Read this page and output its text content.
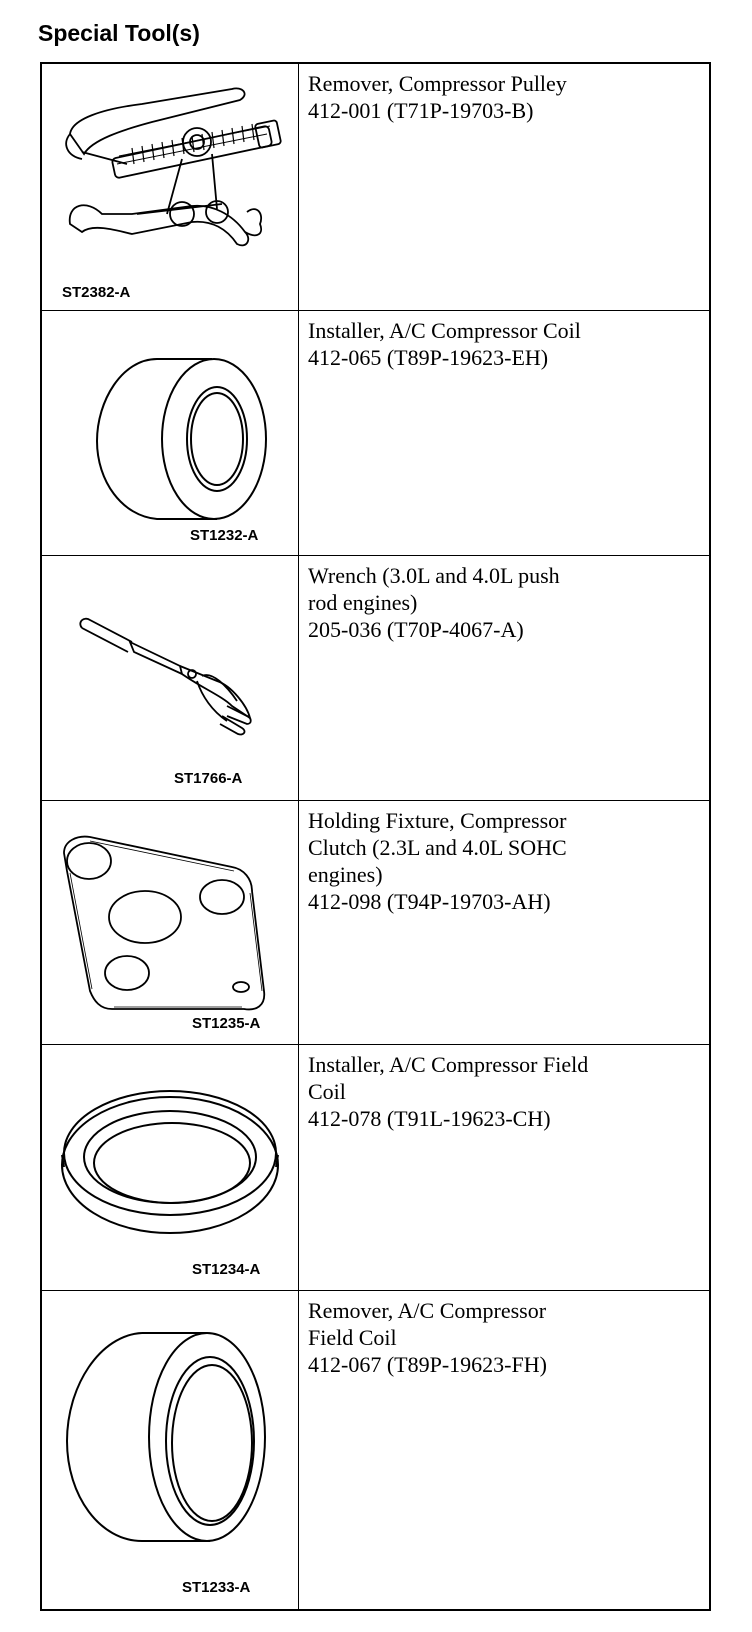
Special Tool(s)
ST2382-A
Remover, Compressor Pulley
412-001 (T71P-19703-B)
ST1232-A
Installer, A/C Compressor Coil
412-065 (T89P-19623-EH)
ST1766-A
Wrench (3.0L and 4.0L push
rod engines)
205-036 (T70P-4067-A)
ST1235-A
Holding Fixture, Compressor
Clutch (2.3L and 4.0L SOHC
engines)
412-098 (T94P-19703-AH)
ST1234-A
Installer, A/C Compressor Field
Coil
412-078 (T91L-19623-CH)
ST1233-A
Remover, A/C Compressor
Field Coil
412-067 (T89P-19623-FH)
